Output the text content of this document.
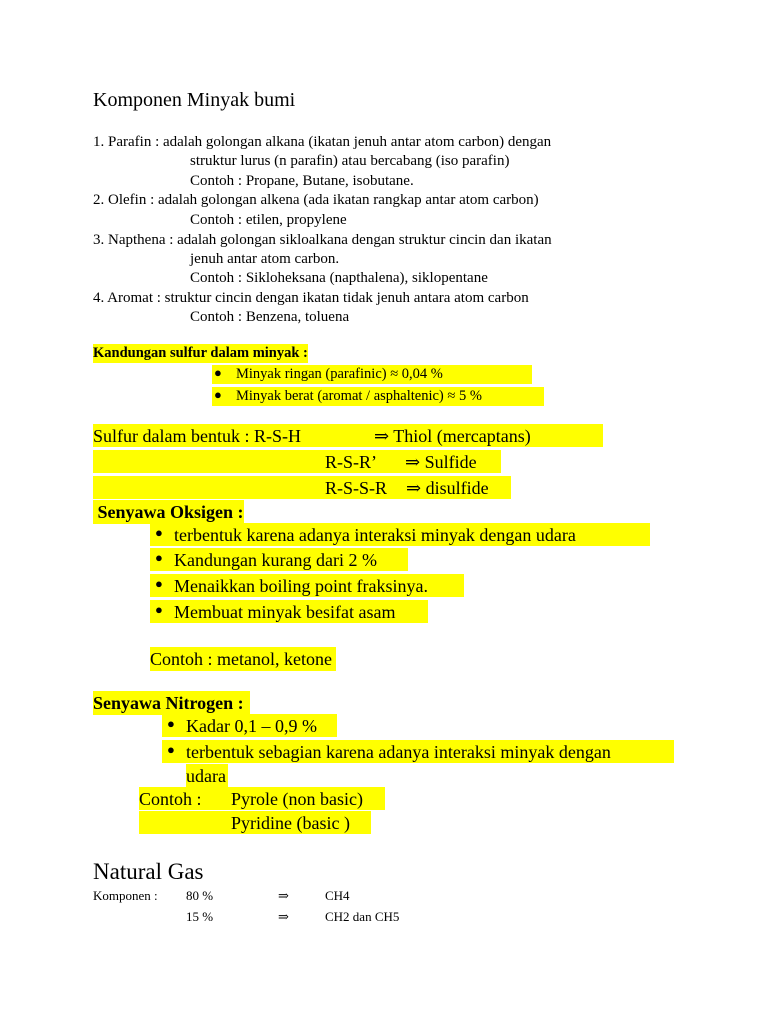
Komponen Minyak bumi
1. Parafin : adalah golongan alkana (ikatan jenuh antar atom carbon) dengan
struktur lurus (n parafin) atau bercabang (iso parafin)
Contoh : Propane, Butane, isobutane.
2. Olefin : adalah golongan alkena (ada ikatan rangkap antar atom carbon)
Contoh : etilen, propylene
3. Napthena : adalah golongan sikloalkana dengan struktur cincin dan ikatan
jenuh antar atom carbon.
Contoh : Sikloheksana (napthalena), siklopentane
4. Aromat : struktur cincin dengan ikatan tidak jenuh antara atom carbon
Contoh : Benzena, toluena
Kandungan sulfur dalam minyak :
● Minyak ringan (parafinic) ≈ 0,04 %
● Minyak berat (aromat / asphaltenic) ≈ 5 %
Sulfur dalam bentuk : R-S-H	⇒ Thiol (mercaptans)
R-S-R’ ⇒ Sulfide
R-S-S-R ⇒ disulfide
Senyawa Oksigen :
● terbentuk karena adanya interaksi minyak dengan udara
● Kandungan kurang dari 2 %
● Menaikkan boiling point fraksinya.
● Membuat minyak besifat asam
Contoh : metanol, ketone
Senyawa Nitrogen :
● Kadar 0,1 – 0,9 %
● terbentuk sebagian karena adanya interaksi minyak dengan
udara
Contoh : Pyrole (non basic)
Pyridine (basic )
Natural Gas
Komponen : 80 %	⇒	CH4
15 %	⇒	CH2 dan CH5
